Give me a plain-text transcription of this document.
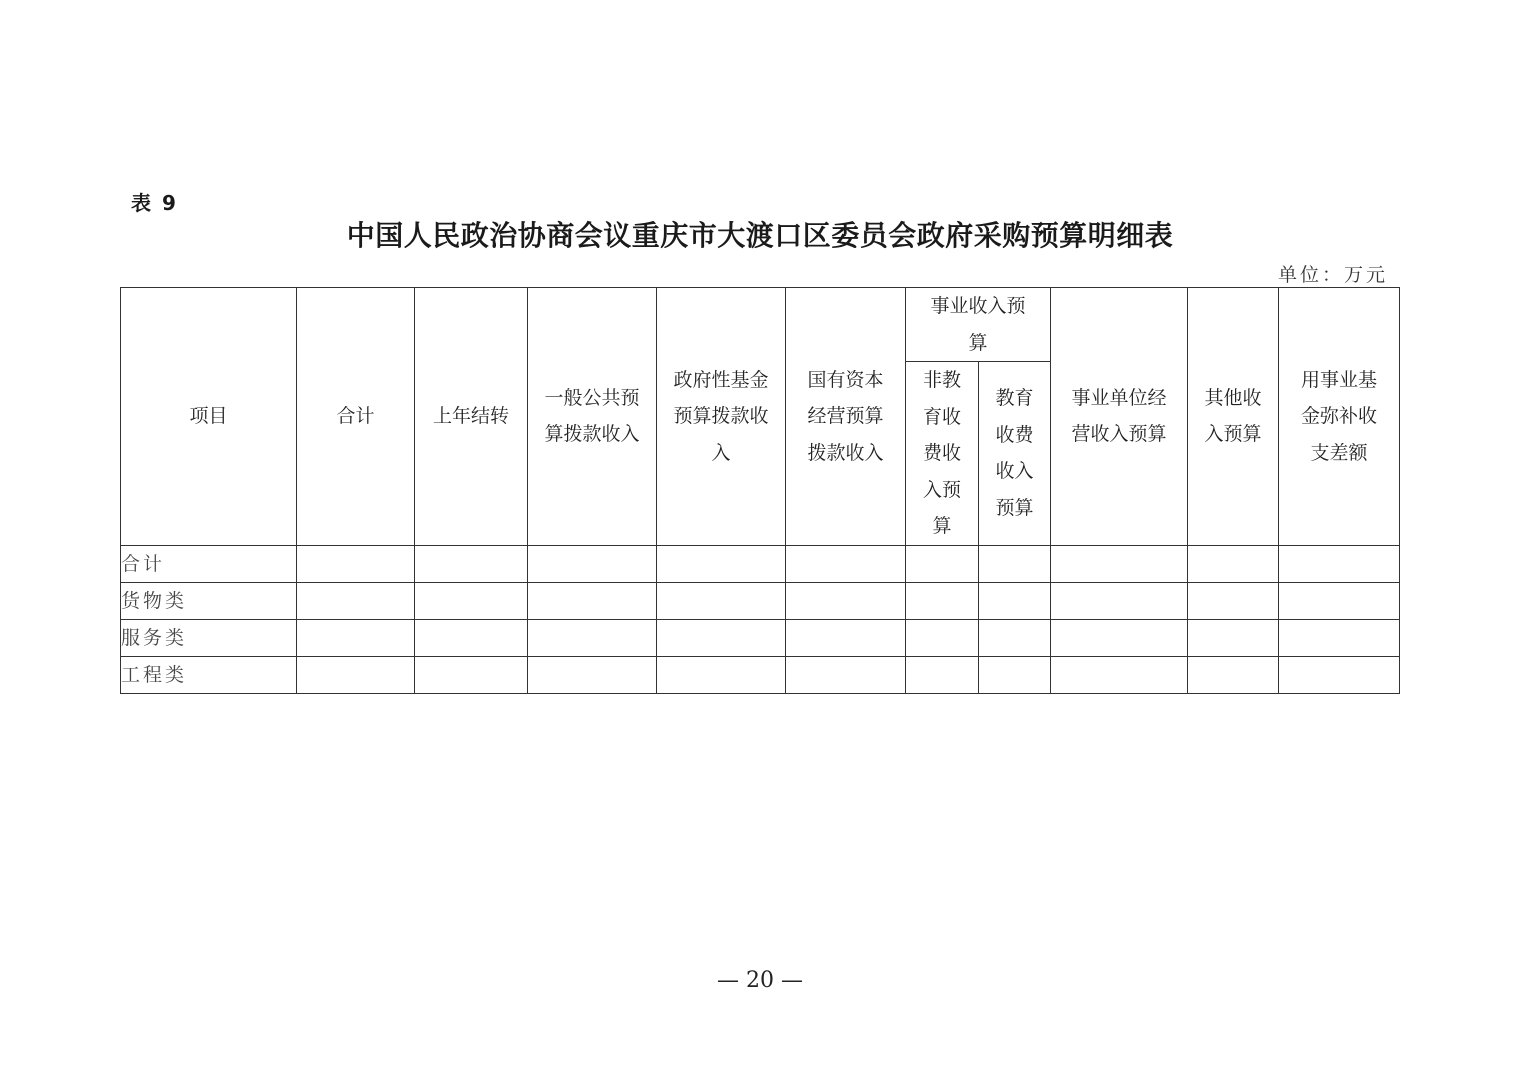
表 9
中国人民政治协商会议重庆市大渡口区委员会政府采购预算明细表
单位：万元
项目	合计	上年结转	一般公共预算拨款收入	政府性基金预算拨款收入	国有资本经营预算拨款收入	事业收入预算		事业单位经营收入预算	其他收入预算	用事业基金弥补收支差额
						非教育收费收入预算	教育收费收入预算			
合计										
货物类										
服务类										
工程类										
— 20 —
